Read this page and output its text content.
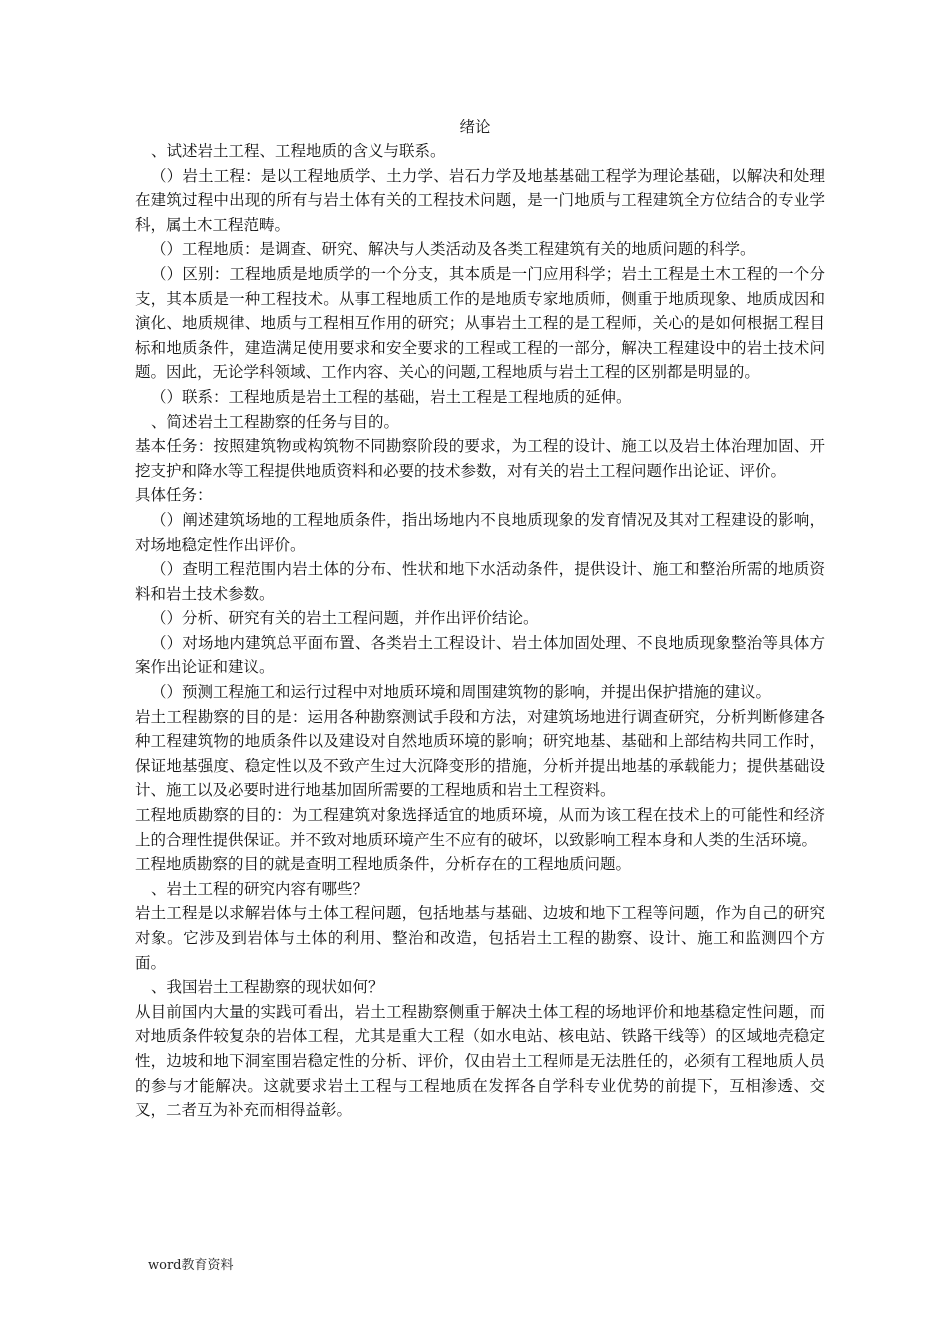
绪论

、试述岩土工程、工程地质的含义与联系。

（）岩土工程：是以工程地质学、土力学、岩石力学及地基基础工程学为理论基础，以解决和处理在建筑过程中出现的所有与岩土体有关的工程技术问题，是一门地质与工程建筑全方位结合的专业学科，属土木工程范畴。

（）工程地质：是调查、研究、解决与人类活动及各类工程建筑有关的地质问题的科学。

（）区别：工程地质是地质学的一个分支，其本质是一门应用科学；岩土工程是土木工程的一个分支，其本质是一种工程技术。从事工程地质工作的是地质专家地质师，侧重于地质现象、地质成因和演化、地质规律、地质与工程相互作用的研究；从事岩土工程的是工程师，关心的是如何根据工程目标和地质条件，建造满足使用要求和安全要求的工程或工程的一部分，解决工程建设中的岩土技术问题。因此，无论学科领域、工作内容、关心的问题,工程地质与岩土工程的区别都是明显的。

（）联系：工程地质是岩土工程的基础，岩土工程是工程地质的延伸。

、简述岩土工程勘察的任务与目的。

基本任务：按照建筑物或构筑物不同勘察阶段的要求，为工程的设计、施工以及岩土体治理加固、开挖支护和降水等工程提供地质资料和必要的技术参数，对有关的岩土工程问题作出论证、评价。

具体任务：

（）阐述建筑场地的工程地质条件，指出场地内不良地质现象的发育情况及其对工程建设的影响，对场地稳定性作出评价。

（）查明工程范围内岩土体的分布、性状和地下水活动条件，提供设计、施工和整治所需的地质资料和岩土技术参数。

（）分析、研究有关的岩土工程问题，并作出评价结论。

（）对场地内建筑总平面布置、各类岩土工程设计、岩土体加固处理、不良地质现象整治等具体方案作出论证和建议。

（）预测工程施工和运行过程中对地质环境和周围建筑物的影响，并提出保护措施的建议。

岩土工程勘察的目的是：运用各种勘察测试手段和方法，对建筑场地进行调查研究，分析判断修建各种工程建筑物的地质条件以及建设对自然地质环境的影响；研究地基、基础和上部结构共同工作时，保证地基强度、稳定性以及不致产生过大沉降变形的措施，分析并提出地基的承载能力；提供基础设计、施工以及必要时进行地基加固所需要的工程地质和岩土工程资料。

工程地质勘察的目的：为工程建筑对象选择适宜的地质环境，从而为该工程在技术上的可能性和经济上的合理性提供保证。并不致对地质环境产生不应有的破坏，以致影响工程本身和人类的生活环境。

工程地质勘察的目的就是查明工程地质条件，分析存在的工程地质问题。

、岩土工程的研究内容有哪些？

岩土工程是以求解岩体与土体工程问题，包括地基与基础、边坡和地下工程等问题，作为自己的研究对象。它涉及到岩体与土体的利用、整治和改造，包括岩土工程的勘察、设计、施工和监测四个方面。

、我国岩土工程勘察的现状如何？

从目前国内大量的实践可看出，岩土工程勘察侧重于解决土体工程的场地评价和地基稳定性问题，而对地质条件较复杂的岩体工程，尤其是重大工程（如水电站、核电站、铁路干线等）的区域地壳稳定性，边坡和地下洞室围岩稳定性的分析、评价，仅由岩土工程师是无法胜任的，必须有工程地质人员的参与才能解决。这就要求岩土工程与工程地质在发挥各自学科专业优势的前提下，互相渗透、交叉，二者互为补充而相得益彰。

word教育资料
